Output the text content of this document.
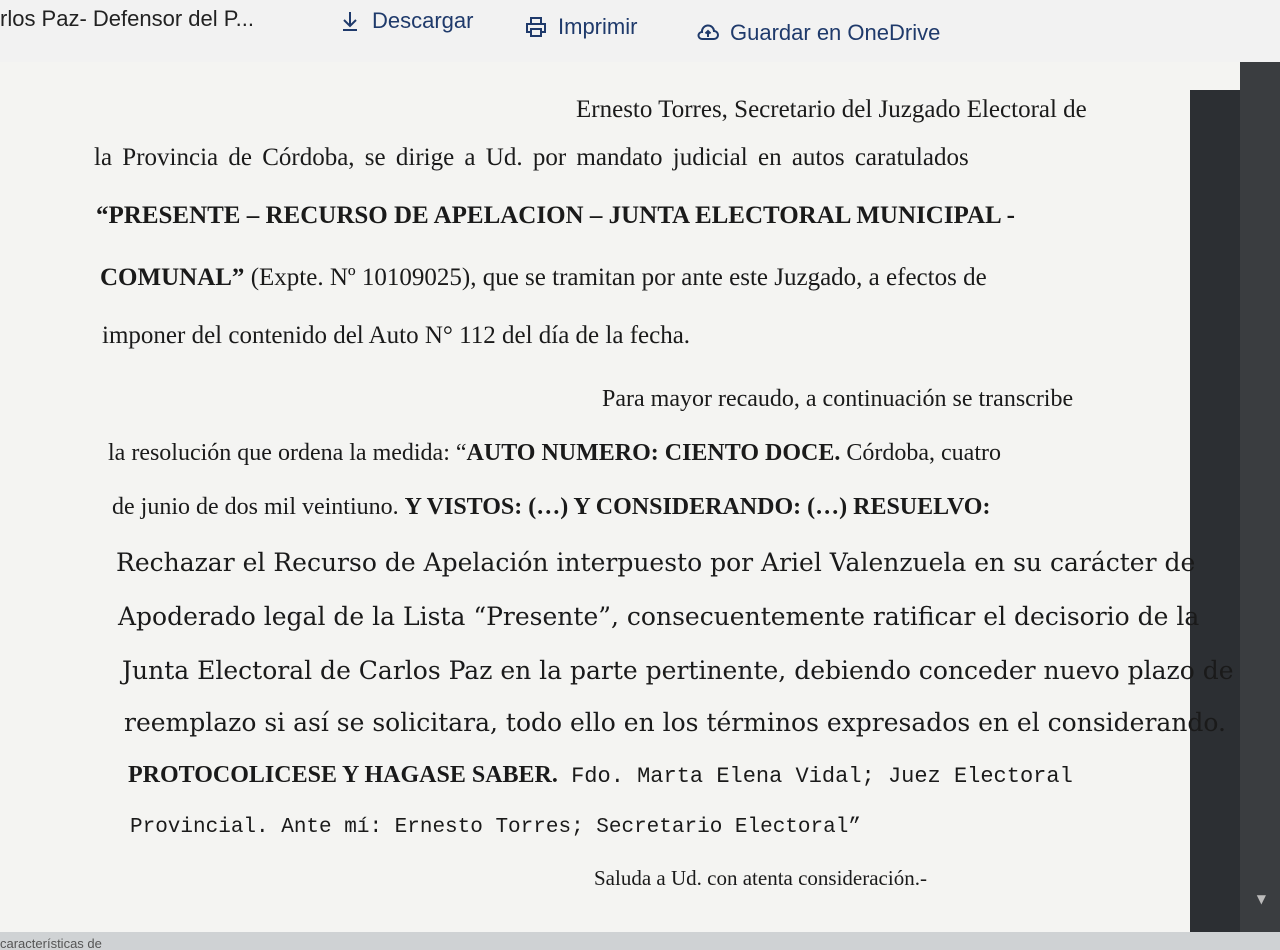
rlos Paz- Defensor del P...	Descargar	Imprimir	Guardar en OneDrive
▼
Ernesto Torres, Secretario del Juzgado Electoral de
la Provincia de Córdoba, se dirige a Ud. por mandato judicial en autos caratulados
“PRESENTE – RECURSO DE APELACION – JUNTA ELECTORAL MUNICIPAL -
COMUNAL” (Expte. Nº 10109025), que se tramitan por ante este Juzgado, a efectos de
imponer del contenido del Auto N° 112 del día de la fecha.
Para mayor recaudo, a continuación se transcribe
la resolución que ordena la medida: “AUTO NUMERO: CIENTO DOCE. Córdoba, cuatro
de junio de dos mil veintiuno. Y VISTOS: (…) Y CONSIDERANDO: (…) RESUELVO:
Rechazar el Recurso de Apelación interpuesto por Ariel Valenzuela en su carácter de
Apoderado legal de la Lista “Presente”, consecuentemente ratificar el decisorio de la
Junta Electoral de Carlos Paz en la parte pertinente, debiendo conceder nuevo plazo de
reemplazo si así se solicitara, todo ello en los términos expresados en el considerando.
PROTOCOLICESE Y HAGASE SABER. Fdo. Marta Elena Vidal; Juez Electoral
Provincial. Ante mí: Ernesto Torres; Secretario Electoral”
Saluda a Ud. con atenta consideración.-
características de
